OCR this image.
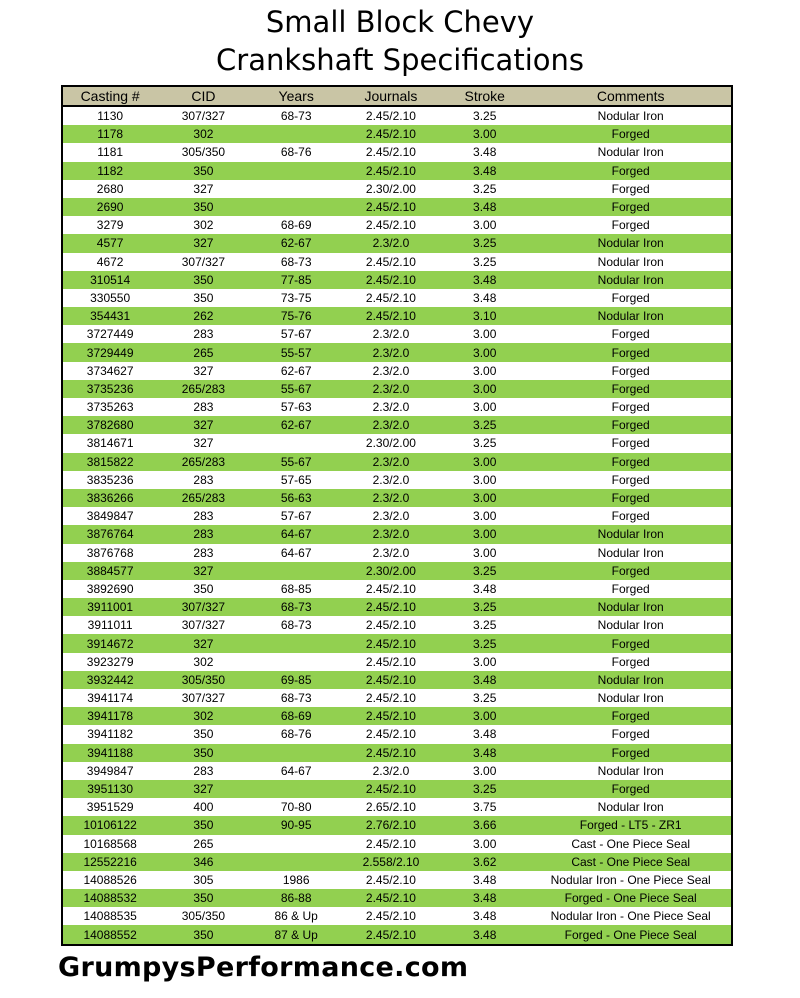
Small Block Chevy
Crankshaft Specifications
Casting #	CID	Years	Journals	Stroke	Comments
1130	307/327	68-73	2.45/2.10	3.25	Nodular Iron
1178	302		2.45/2.10	3.00	Forged
1181	305/350	68-76	2.45/2.10	3.48	Nodular Iron
1182	350		2.45/2.10	3.48	Forged
2680	327		2.30/2.00	3.25	Forged
2690	350		2.45/2.10	3.48	Forged
3279	302	68-69	2.45/2.10	3.00	Forged
4577	327	62-67	2.3/2.0	3.25	Nodular Iron
4672	307/327	68-73	2.45/2.10	3.25	Nodular Iron
310514	350	77-85	2.45/2.10	3.48	Nodular Iron
330550	350	73-75	2.45/2.10	3.48	Forged
354431	262	75-76	2.45/2.10	3.10	Nodular Iron
3727449	283	57-67	2.3/2.0	3.00	Forged
3729449	265	55-57	2.3/2.0	3.00	Forged
3734627	327	62-67	2.3/2.0	3.00	Forged
3735236	265/283	55-67	2.3/2.0	3.00	Forged
3735263	283	57-63	2.3/2.0	3.00	Forged
3782680	327	62-67	2.3/2.0	3.25	Forged
3814671	327		2.30/2.00	3.25	Forged
3815822	265/283	55-67	2.3/2.0	3.00	Forged
3835236	283	57-65	2.3/2.0	3.00	Forged
3836266	265/283	56-63	2.3/2.0	3.00	Forged
3849847	283	57-67	2.3/2.0	3.00	Forged
3876764	283	64-67	2.3/2.0	3.00	Nodular Iron
3876768	283	64-67	2.3/2.0	3.00	Nodular Iron
3884577	327		2.30/2.00	3.25	Forged
3892690	350	68-85	2.45/2.10	3.48	Forged
3911001	307/327	68-73	2.45/2.10	3.25	Nodular Iron
3911011	307/327	68-73	2.45/2.10	3.25	Nodular Iron
3914672	327		2.45/2.10	3.25	Forged
3923279	302		2.45/2.10	3.00	Forged
3932442	305/350	69-85	2.45/2.10	3.48	Nodular Iron
3941174	307/327	68-73	2.45/2.10	3.25	Nodular Iron
3941178	302	68-69	2.45/2.10	3.00	Forged
3941182	350	68-76	2.45/2.10	3.48	Forged
3941188	350		2.45/2.10	3.48	Forged
3949847	283	64-67	2.3/2.0	3.00	Nodular Iron
3951130	327		2.45/2.10	3.25	Forged
3951529	400	70-80	2.65/2.10	3.75	Nodular Iron
10106122	350	90-95	2.76/2.10	3.66	Forged - LT5 - ZR1
10168568	265		2.45/2.10	3.00	Cast - One Piece Seal
12552216	346		2.558/2.10	3.62	Cast - One Piece Seal
14088526	305	1986	2.45/2.10	3.48	Nodular Iron - One Piece Seal
14088532	350	86-88	2.45/2.10	3.48	Forged - One Piece Seal
14088535	305/350	86 & Up	2.45/2.10	3.48	Nodular Iron - One Piece Seal
14088552	350	87 & Up	2.45/2.10	3.48	Forged - One Piece Seal
GrumpysPerformance.com
